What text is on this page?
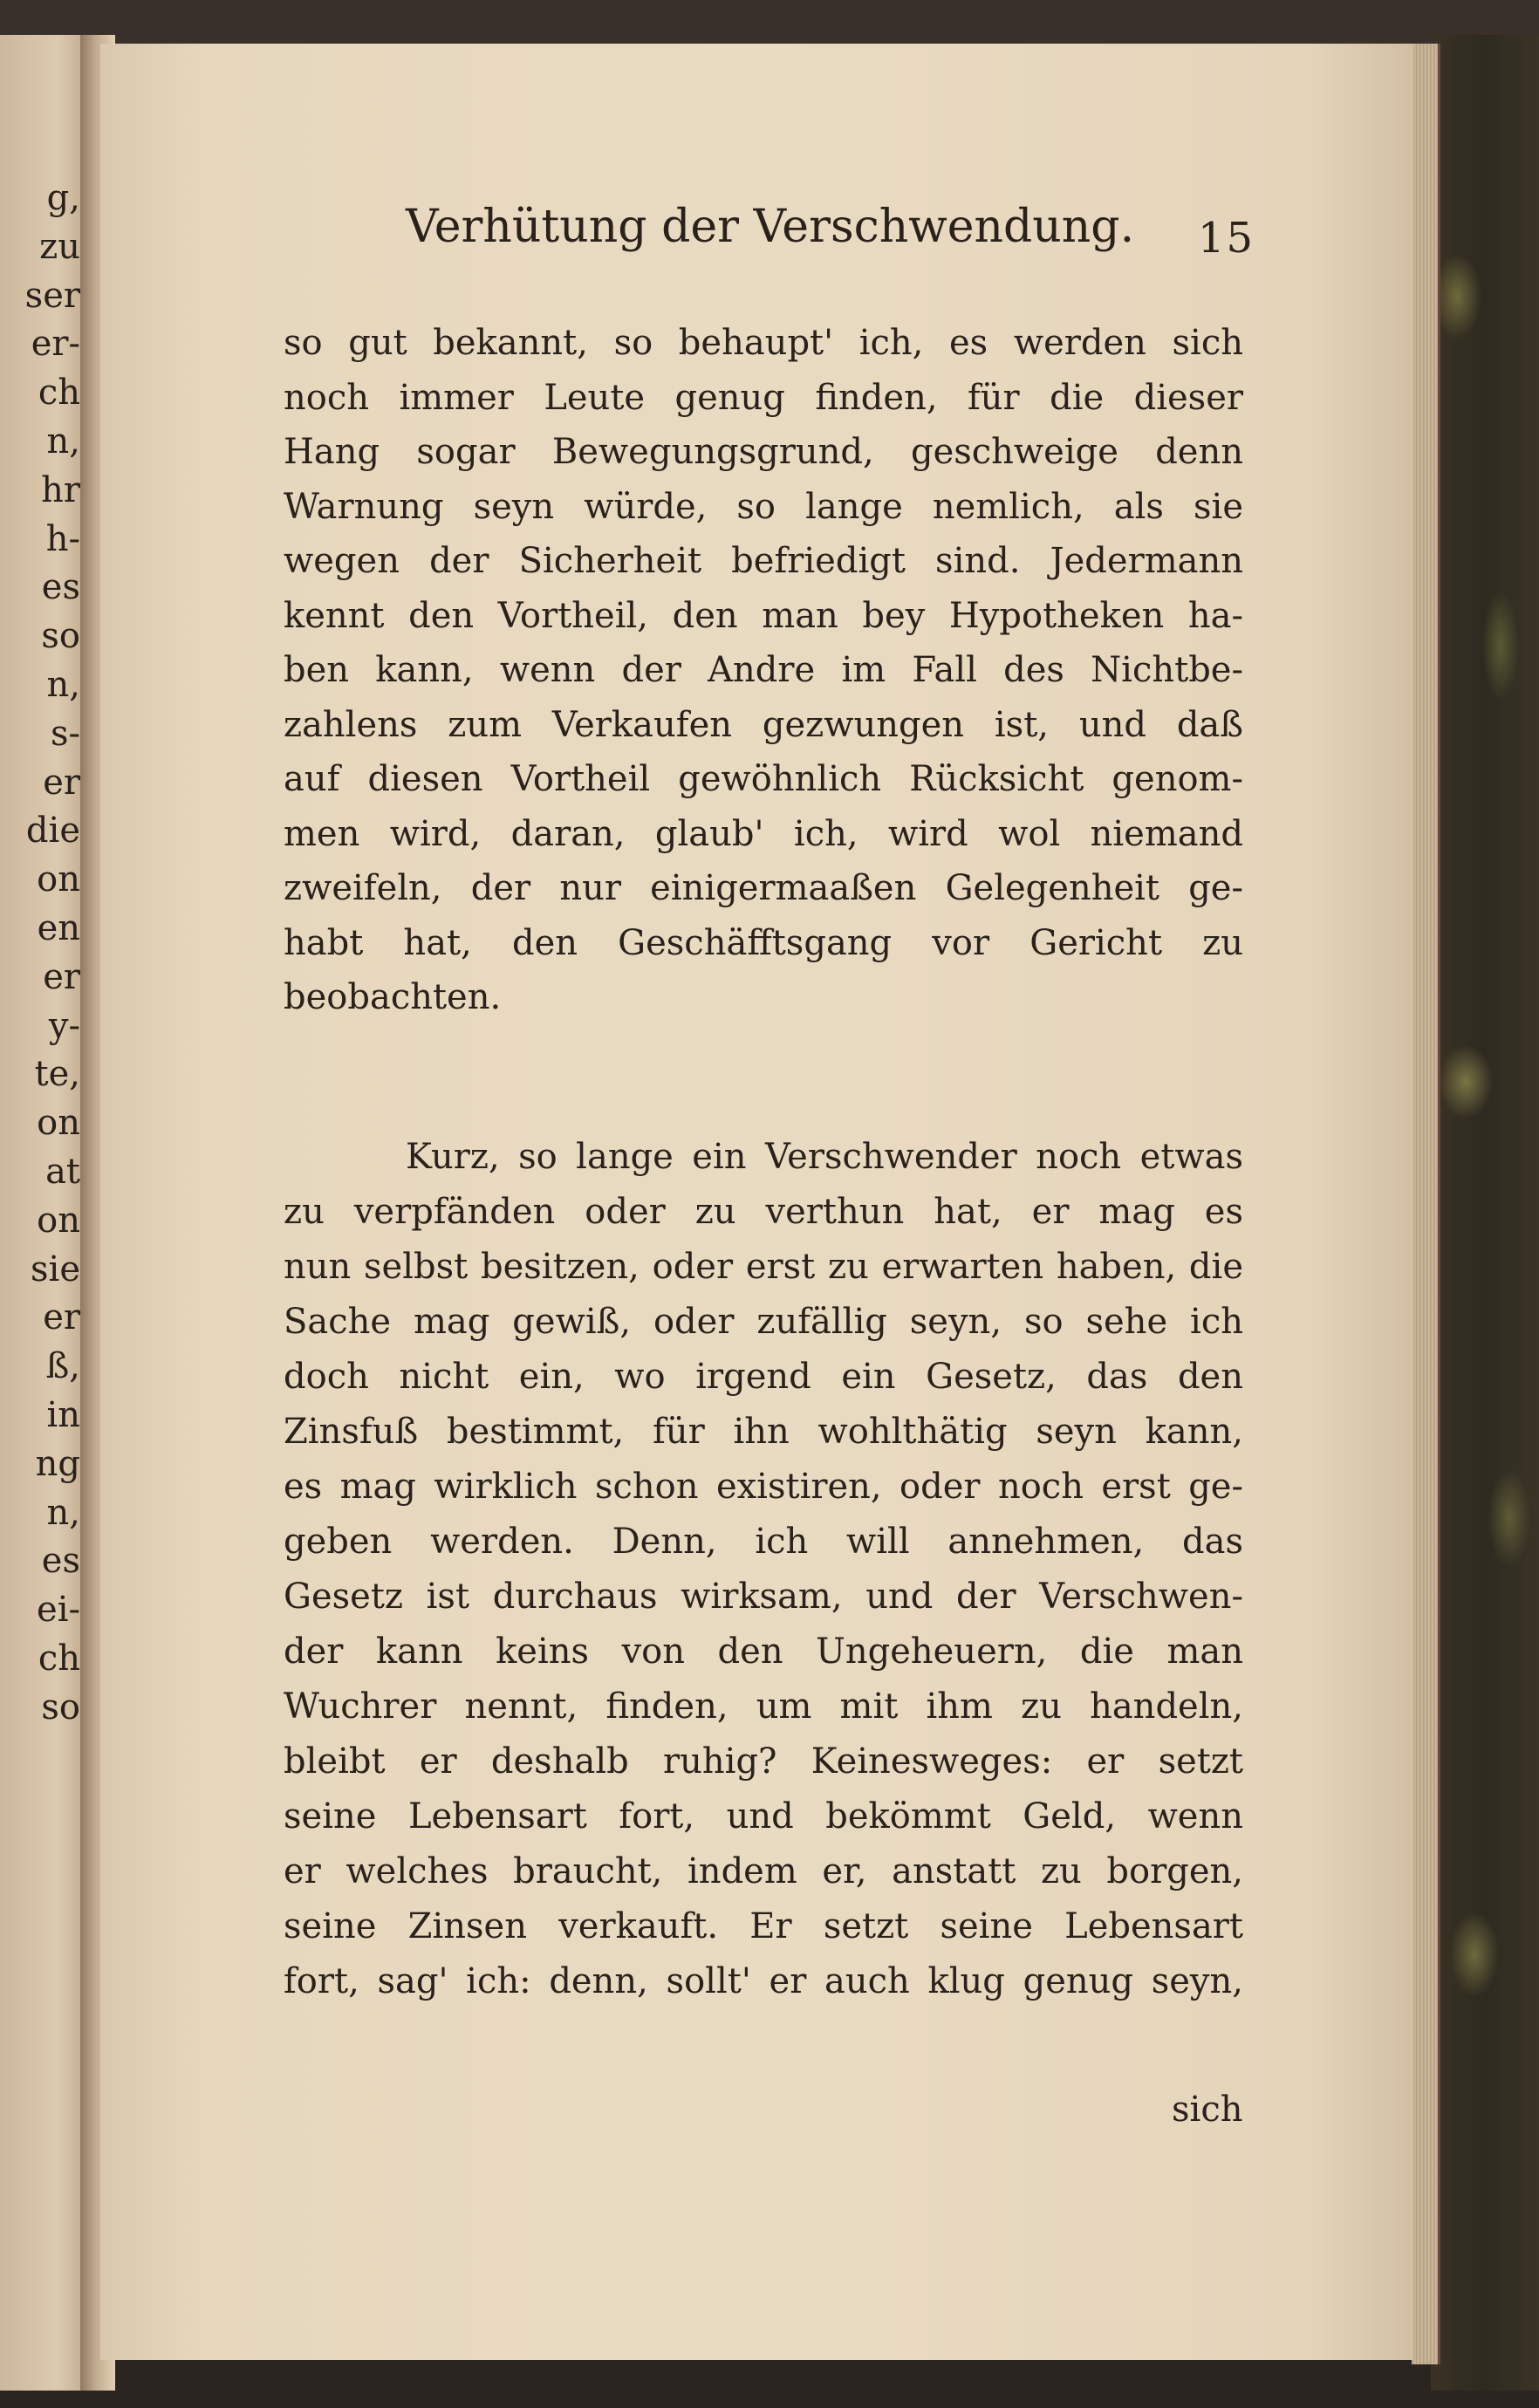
g,
zu
ser
er-
ch
n,
hr
h-
es
so
n,
s-
er
die
on
en
er
y-
te,
on
at
on
sie
er
ß,
in
ng
n,
es
ei-
ch
so
Verhütung der Verschwendung. 15
so gut bekannt, so behaupt' ich, es werden sich
noch immer Leute genug finden, für die dieser
Hang sogar Bewegungsgrund, geschweige denn
Warnung seyn würde, so lange nemlich, als sie
wegen der Sicherheit befriedigt sind. Jedermann
kennt den Vortheil, den man bey Hypotheken ha-
ben kann, wenn der Andre im Fall des Nichtbe-
zahlens zum Verkaufen gezwungen ist, und daß
auf diesen Vortheil gewöhnlich Rücksicht genom-
men wird, daran, glaub' ich, wird wol niemand
zweifeln, der nur einigermaaßen Gelegenheit ge-
habt hat, den Geschäfftsgang vor Gericht zu
beobachten.
Kurz, so lange ein Verschwender noch etwas
zu verpfänden oder zu verthun hat, er mag es
nun selbst besitzen, oder erst zu erwarten haben, die
Sache mag gewiß, oder zufällig seyn, so sehe ich
doch nicht ein, wo irgend ein Gesetz, das den
Zinsfuß bestimmt, für ihn wohlthätig seyn kann,
es mag wirklich schon existiren, oder noch erst ge-
geben werden. Denn, ich will annehmen, das
Gesetz ist durchaus wirksam, und der Verschwen-
der kann keins von den Ungeheuern, die man
Wuchrer nennt, finden, um mit ihm zu handeln,
bleibt er deshalb ruhig? Keinesweges: er setzt
seine Lebensart fort, und bekömmt Geld, wenn
er welches braucht, indem er, anstatt zu borgen,
seine Zinsen verkauft. Er setzt seine Lebensart
fort, sag' ich: denn, sollt' er auch klug genug seyn,
sich
